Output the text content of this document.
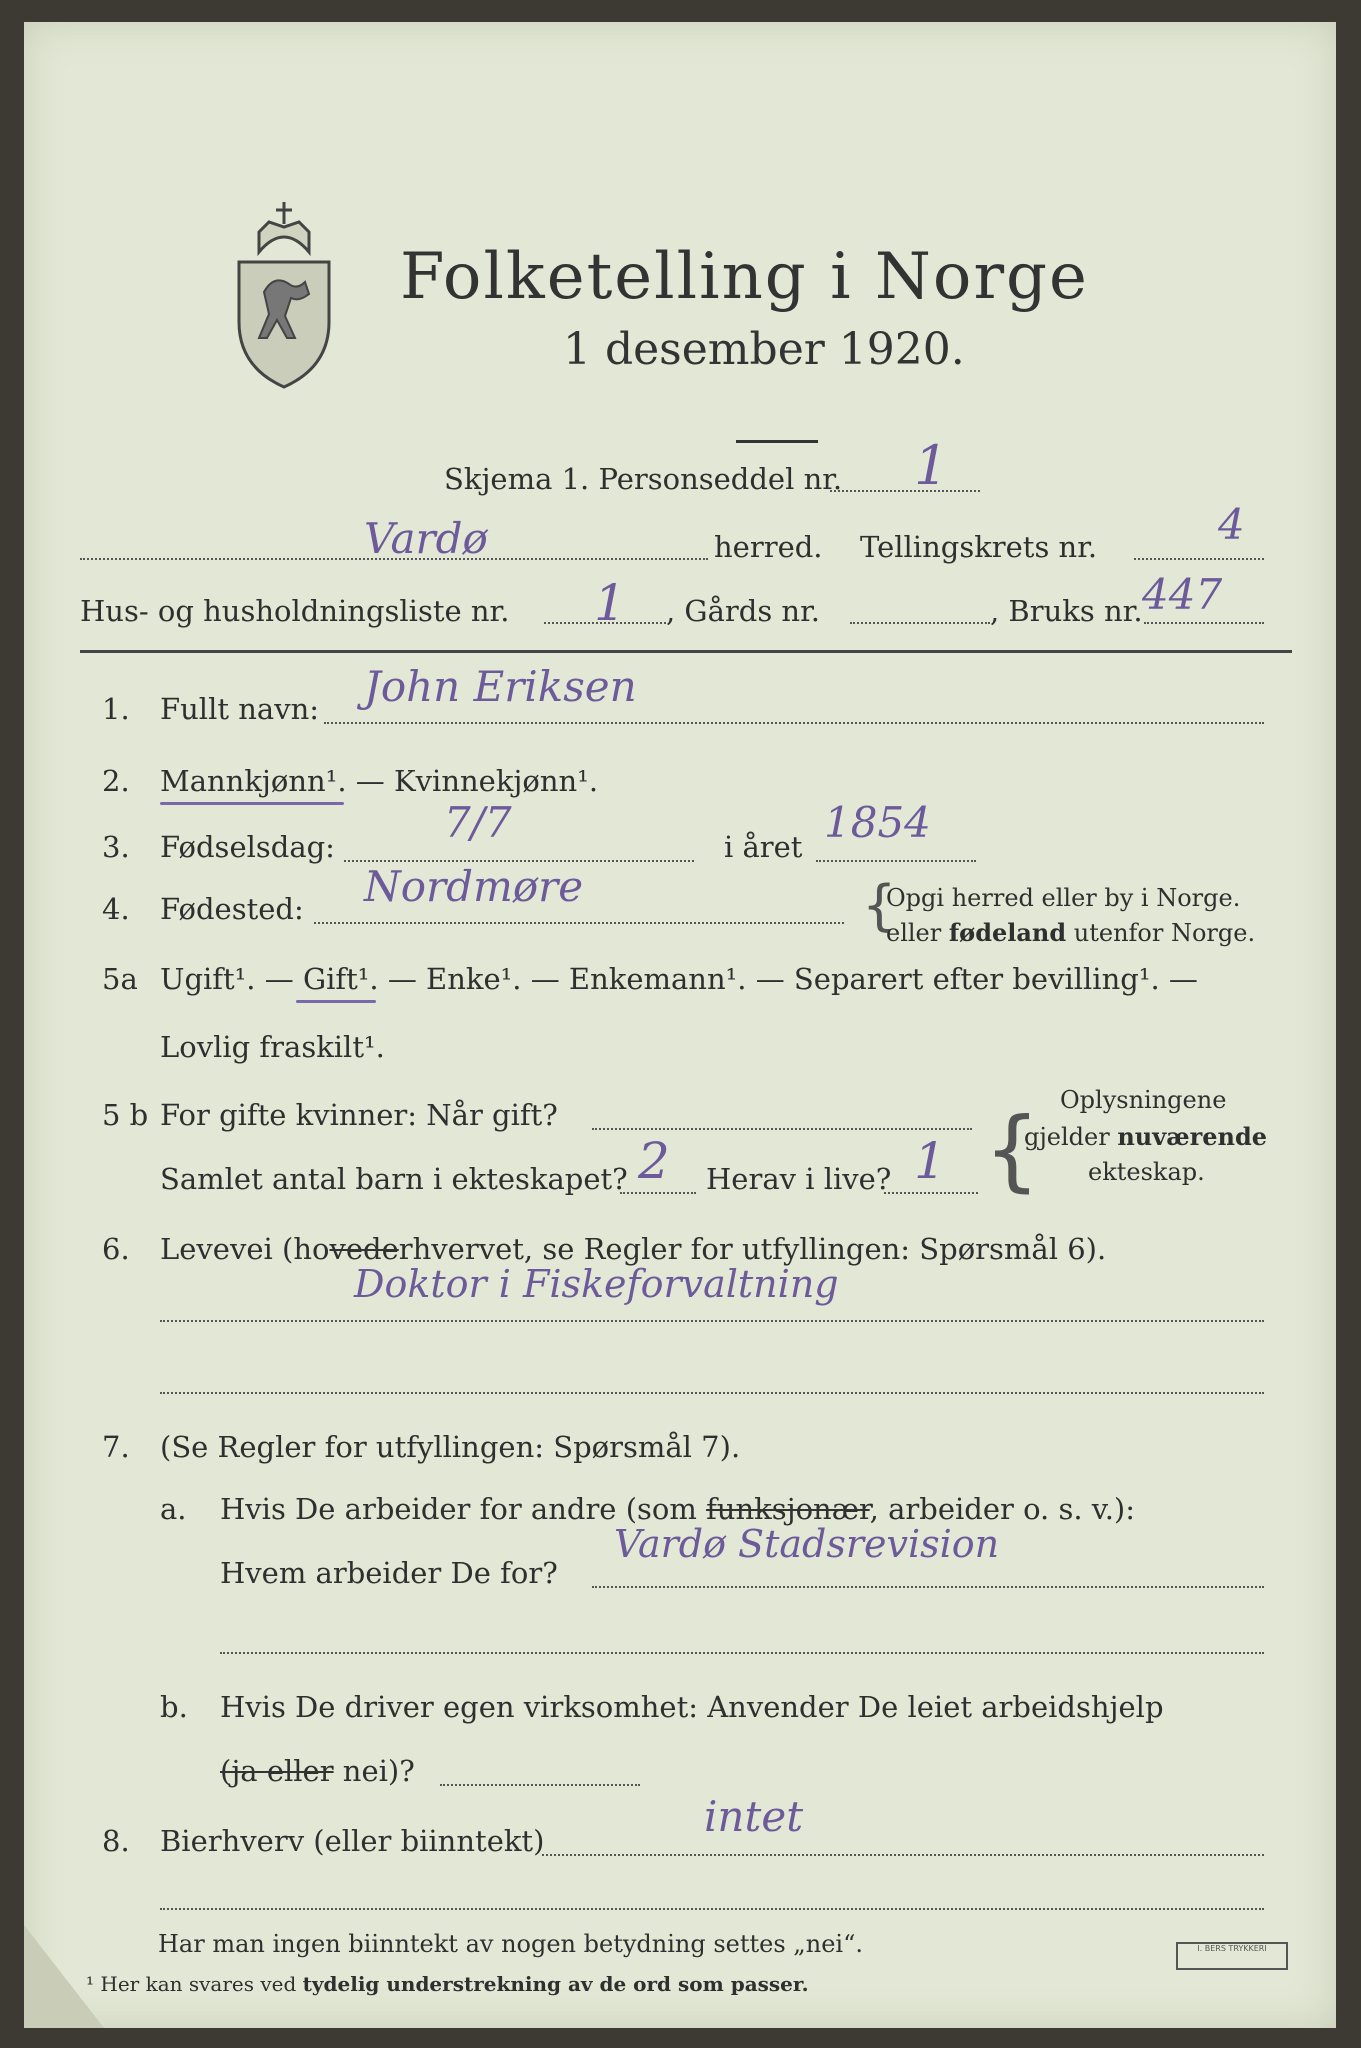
Folketelling i Norge
1 desember 1920.
Skjema 1. Personseddel nr. 1
Vardø	herred. Tellingskrets nr.	4
Hus- og husholdningsliste nr. 1 , Gårds nr.	, Bruks nr. 447
1. Fullt navn: John Eriksen
2. Mannkjønn¹. — Kvinnekjønn¹.
3. Fødselsdag:	7/7	i året 1854
4. Fødested: Nordmøre	{
Opgi herred eller by i Norge.
eller fødeland utenfor Norge.
5a Ugift¹. — Gift¹. — Enke¹. — Enkemann¹. — Separert efter bevilling¹. —
Lovlig fraskilt¹.
5 b For gifte kvinner: Når gift?
Samlet antal barn i ekteskapet? 2 Herav i live? 1 { Oplysningene
gjelder nuværende
ekteskap.
6. Levevei (hovederhvervet, se Regler for utfyllingen: Spørsmål 6).
Doktor i Fiskeforvaltning
7. (Se Regler for utfyllingen: Spørsmål 7).
a. Hvis De arbeider for andre (som funksjonær, arbeider o. s. v.):
Hvem arbeider De for?
Vardø Stadsrevision
b. Hvis De driver egen virksomhet: Anvender De leiet arbeidshjelp
(ja eller nei)?
8. Bierhverv (eller biinntekt)	intet
Har man ingen biinntekt av nogen betydning settes „nei“.
¹ Her kan svares ved tydelig understrekning av de ord som passer.
I. BERS TRYKKERI
